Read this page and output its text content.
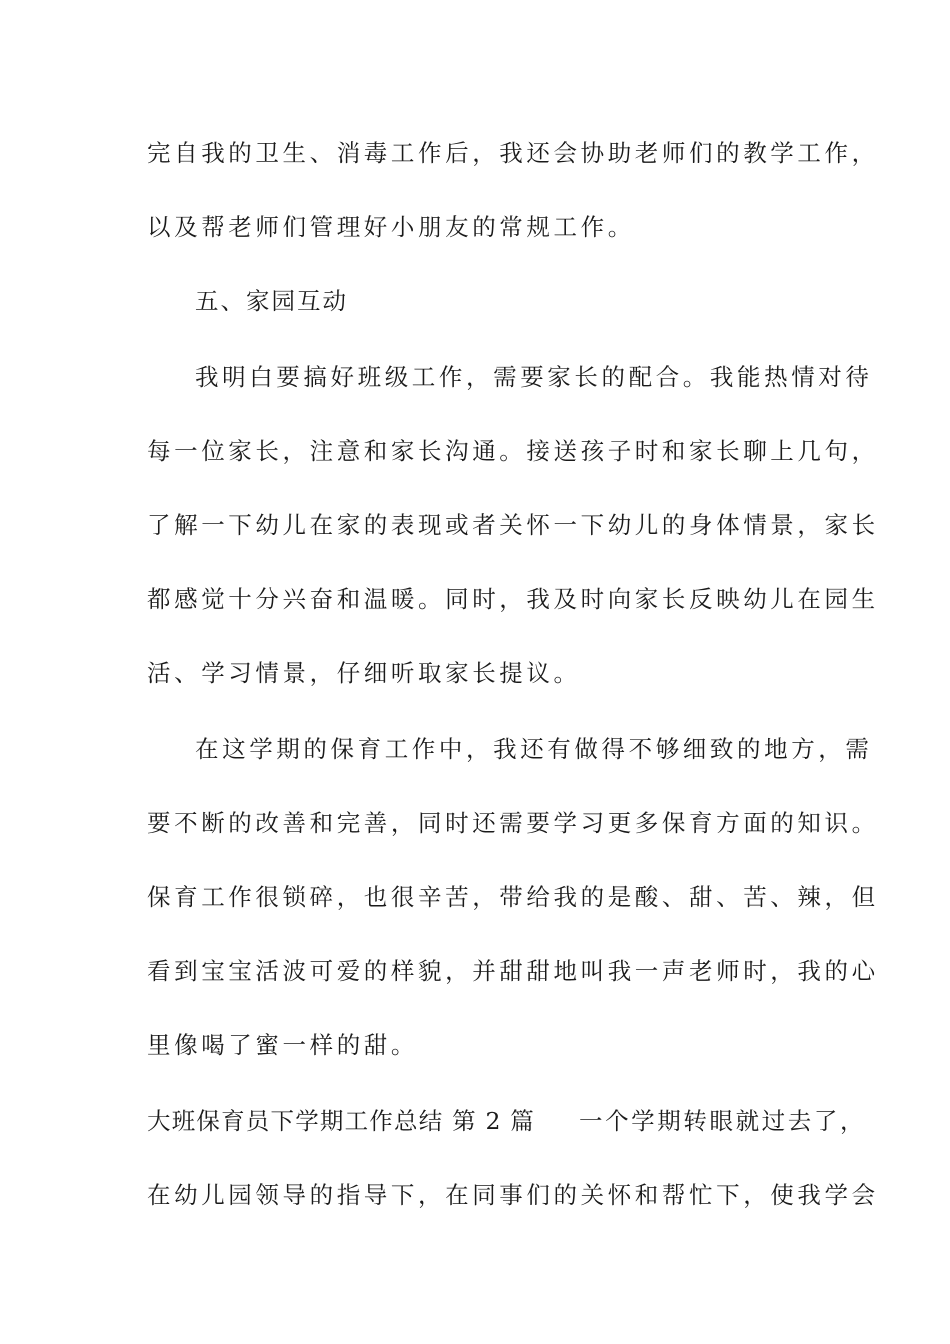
完自我的卫生、消毒工作后，我还会协助老师们的教学工作，
以及帮老师们管理好小朋友的常规工作。
五、家园互动
我明白要搞好班级工作，需要家长的配合。我能热情对待
每一位家长，注意和家长沟通。接送孩子时和家长聊上几句，
了解一下幼儿在家的表现或者关怀一下幼儿的身体情景，家长
都感觉十分兴奋和温暖。同时，我及时向家长反映幼儿在园生
活、学习情景，仔细听取家长提议。
在这学期的保育工作中，我还有做得不够细致的地方，需
要不断的改善和完善，同时还需要学习更多保育方面的知识。
保育工作很锁碎，也很辛苦，带给我的是酸、甜、苦、辣，但
看到宝宝活波可爱的样貌，并甜甜地叫我一声老师时，我的心
里像喝了蜜一样的甜。
大班保育员下学期工作总结 第 2 篇 一个学期转眼就过去了，
在幼儿园领导的指导下，在同事们的关怀和帮忙下，使我学会
